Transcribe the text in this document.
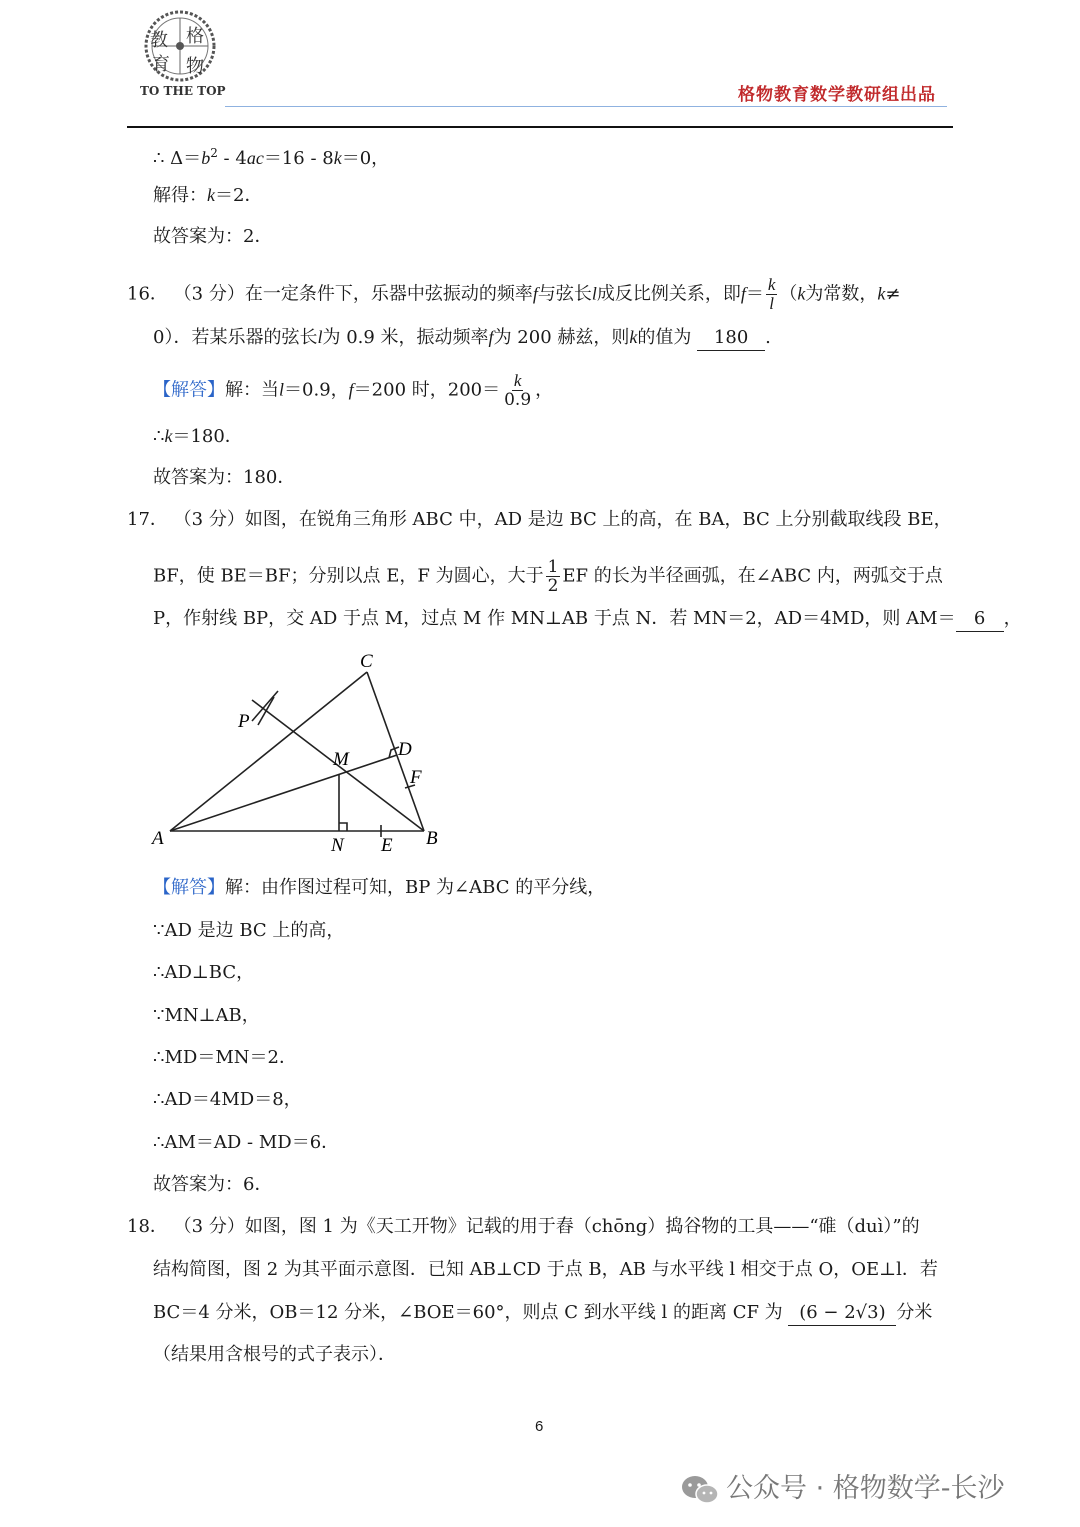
教 格
育 物
TO THE TOP	格物教育数学教研组出品
∴ $\Delta=b^2 - 4ac=16 - 8k=0$，
解得：k＝2．
故答案为：2．
16． （3 分）在一定条件下，乐器中弦振动的频率f与弦长l成反比例关系，即$f= \frac{k}{l} (k$为常数，k≠
0）．若某乐器的弦长l为 0.9 米，振动频率f为 200 赫兹，则k的值为 180 .
【解答】解：当l＝0.9，f＝200 时，$200= \frac{k}{0.9}$ ，
∴k＝180．
故答案为：180．
17． （3 分）如图，在锐角三角形 ABC 中，AD 是边 BC 上的高，在 BA，BC 上分别截取线段 BE，
BF，使 BE＝BF；分别以点 E，F 为圆心，大于 $\frac{1}{2}$ EF 的长为半径画弧，在∠ABC 内，两弧交于点
P，作射线 BP，交 AD 于点 M，过点 M 作 MN⊥AB 于点 N．若 MN＝2，AD＝4MD，则 AM＝ 6 ，
C
P
D
M
F
A	B
N E
【解答】解：由作图过程可知，BP 为∠ABC 的平分线，
∵AD 是边 BC 上的高，
∴AD⊥BC，
∵MN⊥AB，
∴MD＝MN＝2．
∴AD＝4MD＝8，
∴AM＝AD - MD＝6．
故答案为：6．
18． （3 分）如图，图 1 为《天工开物》记载的用于舂（chōng）捣谷物的工具——“碓（duì）”的
结构简图，图 2 为其平面示意图．已知 AB⊥CD 于点 B，AB 与水平线 l 相交于点 O，OE⊥l．若
BC＝4 分米，OB＝12 分米，∠BOE＝60°，则点 C 到水平线 l 的距离 CF 为 (6 − 2√3) 分米
（结果用含根号的式子表示）．
6
公众号 · 格物数学-长沙
